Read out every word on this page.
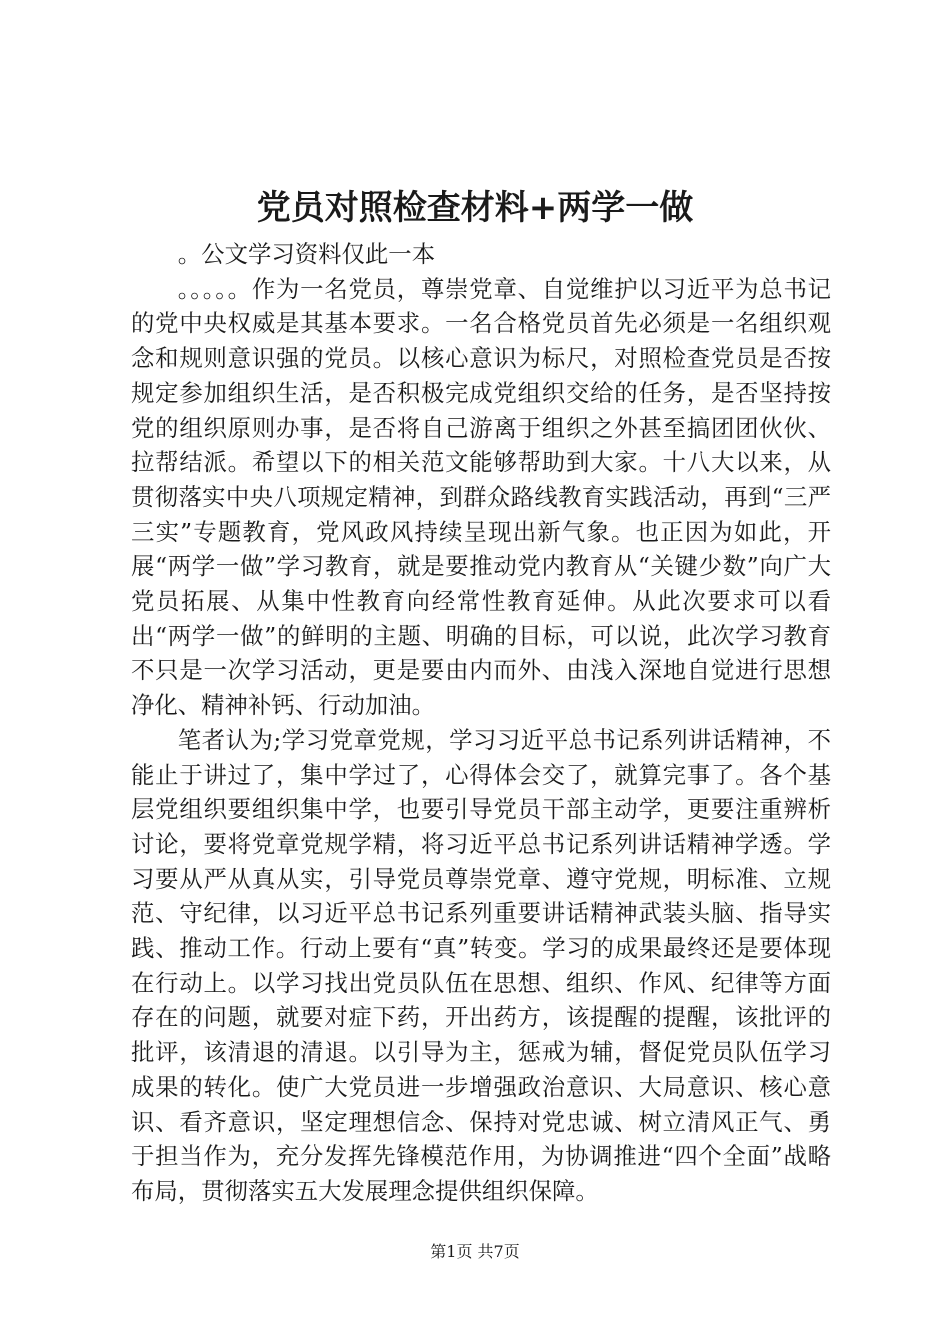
党员对照检查材料+两学一做

。公文学习资料仅此一本

。。。。。作为一名党员，尊崇党章、自觉维护以习近平为总书记的党中央权威是其基本要求。一名合格党员首先必须是一名组织观念和规则意识强的党员。以核心意识为标尺，对照检查党员是否按规定参加组织生活，是否积极完成党组织交给的任务，是否坚持按党的组织原则办事，是否将自己游离于组织之外甚至搞团团伙伙、拉帮结派。希望以下的相关范文能够帮助到大家。十八大以来，从贯彻落实中央八项规定精神，到群众路线教育实践活动，再到“三严三实”专题教育，党风政风持续呈现出新气象。也正因为如此，开展“两学一做”学习教育，就是要推动党内教育从“关键少数”向广大党员拓展、从集中性教育向经常性教育延伸。从此次要求可以看出“两学一做”的鲜明的主题、明确的目标，可以说，此次学习教育不只是一次学习活动，更是要由内而外、由浅入深地自觉进行思想净化、精神补钙、行动加油。

笔者认为;学习党章党规，学习习近平总书记系列讲话精神，不能止于讲过了，集中学过了，心得体会交了，就算完事了。各个基层党组织要组织集中学，也要引导党员干部主动学，更要注重辨析讨论，要将党章党规学精，将习近平总书记系列讲话精神学透。学习要从严从真从实，引导党员尊崇党章、遵守党规，明标准、立规范、守纪律，以习近平总书记系列重要讲话精神武装头脑、指导实践、推动工作。行动上要有“真”转变。学习的成果最终还是要体现在行动上。以学习找出党员队伍在思想、组织、作风、纪律等方面存在的问题，就要对症下药，开出药方，该提醒的提醒，该批评的批评，该清退的清退。以引导为主，惩戒为辅，督促党员队伍学习成果的转化。使广大党员进一步增强政治意识、大局意识、核心意识、看齐意识，坚定理想信念、保持对党忠诚、树立清风正气、勇于担当作为，充分发挥先锋模范作用，为协调推进“四个全面”战略布局，贯彻落实五大发展理念提供组织保障。

第1页 共7页
